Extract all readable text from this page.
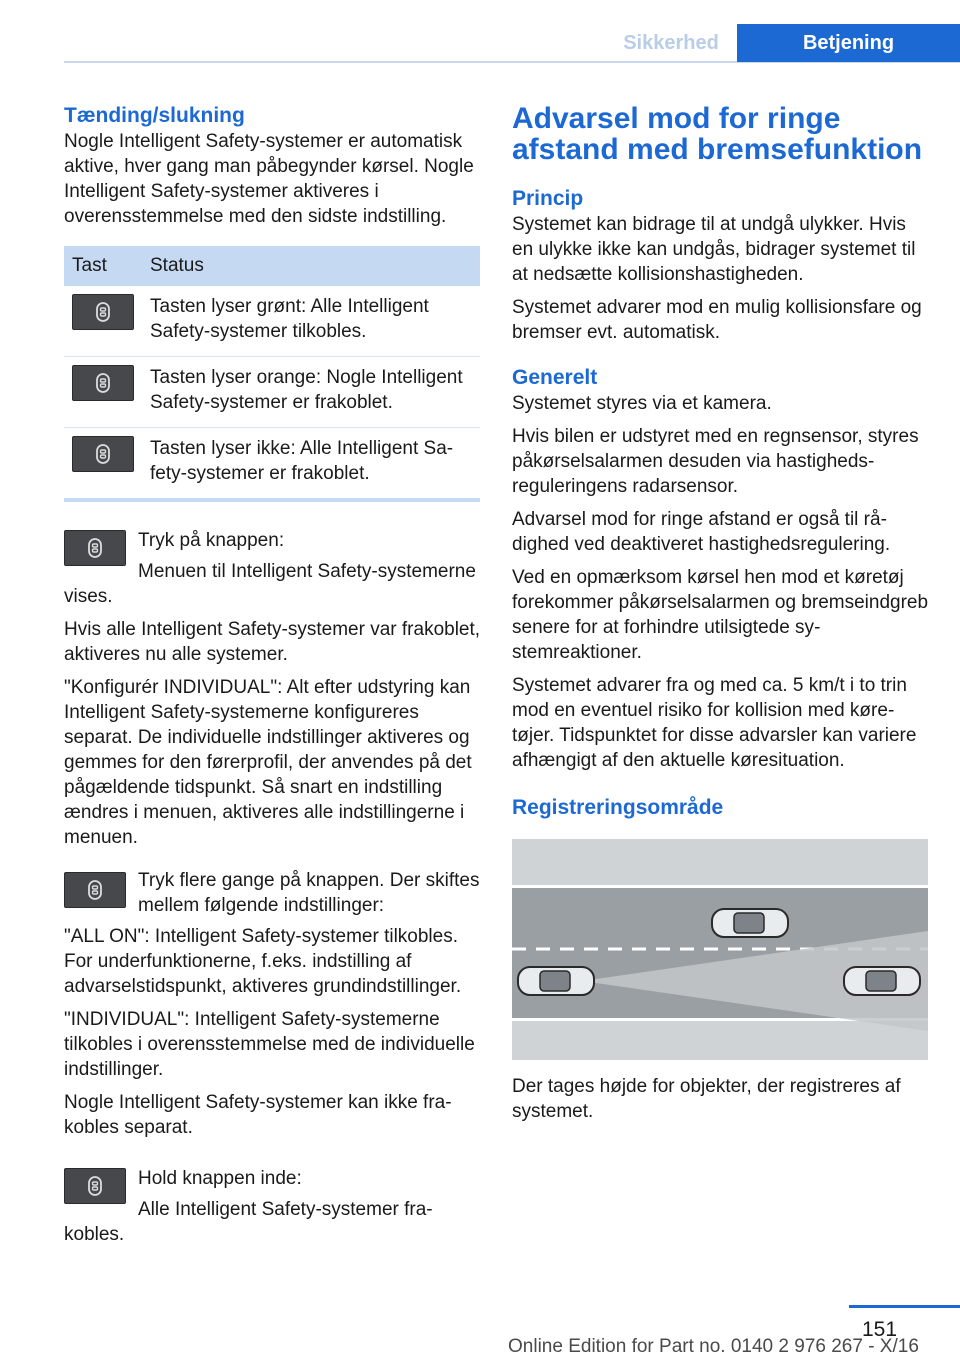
Sikkerhed	Betjening
Tænding/slukning

Nogle Intelligent Safety-systemer er automatisk aktive, hver gang man påbegynder kørsel. Nogle Intelligent Safety-systemer aktiveres i overensstemmelse med den sidste indstilling.

Tast	Status

	Tasten lyser grønt: Alle Intelligent Safety-systemer tilkobles.

	Tasten lyser orange: Nogle Intelligent Safety-systemer er frakoblet.

	Tasten lyser ikke: Alle Intelligent Safety-systemer er frakoblet.

Tryk på knappen:

Menuen til Intelligent Safety-systemerne vises.

Hvis alle Intelligent Safety-systemer var frakoblet, aktiveres nu alle systemer.

"Konfigurér INDIVIDUAL": Alt efter udstyring kan Intelligent Safety-systemerne konfigureres separat. De individuelle indstillinger aktiveres og gemmes for den førerprofil, der anvendes på det pågældende tidspunkt. Så snart en indstilling ændres i menuen, aktiveres alle indstillingerne i menuen.

Tryk flere gange på knappen. Der skiftes mellem følgende indstillinger:

"ALL ON": Intelligent Safety-systemer tilkobles. For underfunktionerne, f.eks. indstilling af advarselstidspunkt, aktiveres grundindstillinger.

"INDIVIDUAL": Intelligent Safety-systemerne tilkobles i overensstemmelse med de individuelle indstillinger.

Nogle Intelligent Safety-systemer kan ikke frakobles separat.

Hold knappen inde:

Alle Intelligent Safety-systemer frakobles.

Advarsel mod for ringe afstand med bremsefunktion
Princip

Systemet kan bidrage til at undgå ulykker. Hvis en ulykke ikke kan undgås, bidrager systemet til at nedsætte kollisionshastigheden.

Systemet advarer mod en mulig kollisionsfare og bremser evt. automatisk.

Generelt

Systemet styres via et kamera.

Hvis bilen er udstyret med en regnsensor, styres påkørselsalarmen desuden via hastighedsreguleringens radarsensor.

Advarsel mod for ringe afstand er også til rådighed ved deaktiveret hastighedsregulering.

Ved en opmærksom kørsel hen mod et køretøj forekommer påkørselsalarmen og bremseindgreb senere for at forhindre utilsigtede systemreaktioner.

Systemet advarer fra og med ca. 5 km/t i to trin mod en eventuel risiko for kollision med køretøjer. Tidspunktet for disse advarsler kan variere afhængigt af den aktuelle køresituation.

Registreringsområde

Der tages højde for objekter, der registreres af systemet.

151
Online Edition for Part no. 0140 2 976 267 - X/16
